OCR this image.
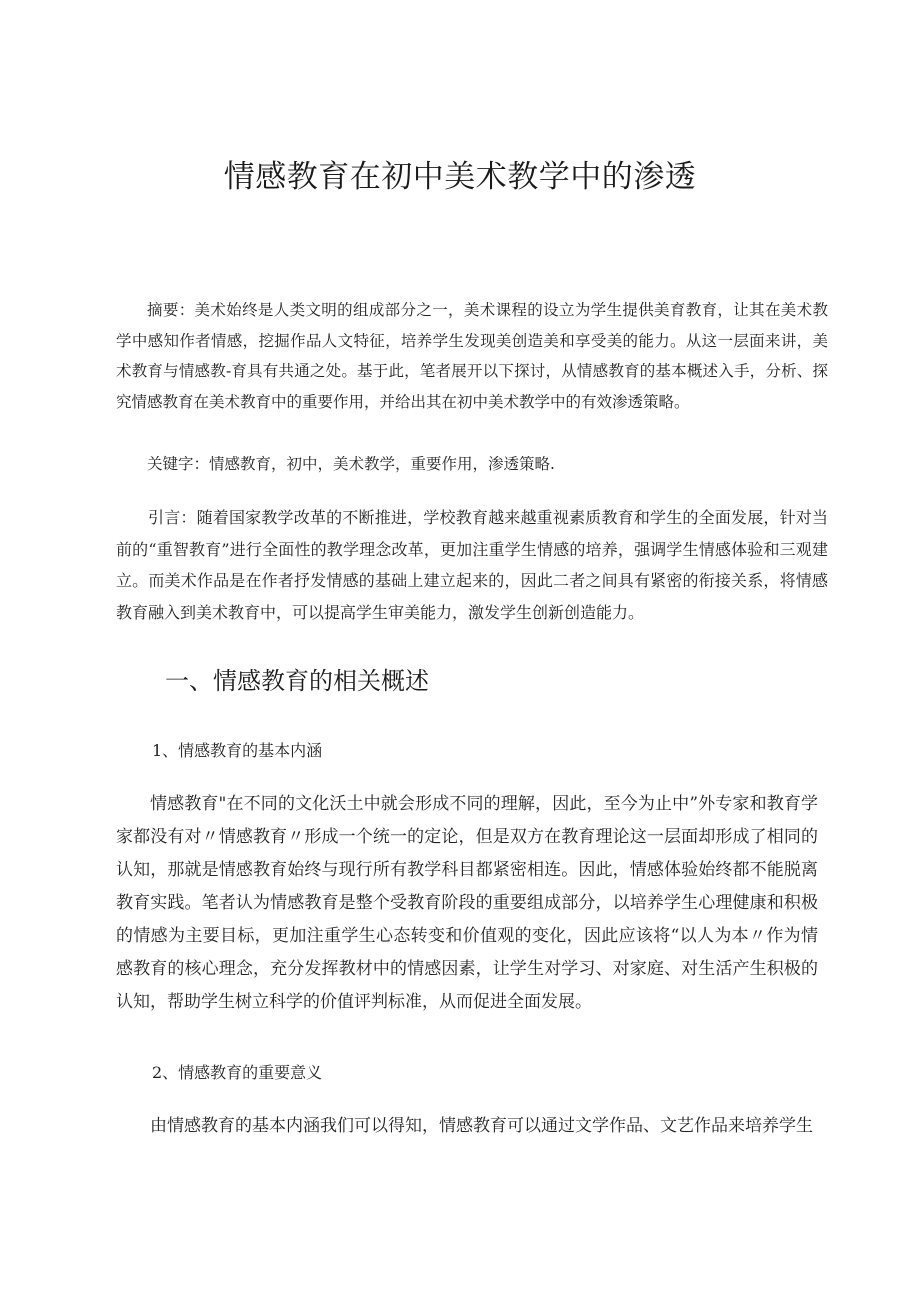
情感教育在初中美术教学中的渗透

摘要：美术始终是人类文明的组成部分之一，美术课程的设立为学生提供美育教育，让其在美术教学中感知作者情感，挖掘作品人文特征，培养学生发现美创造美和享受美的能力。从这一层面来讲，美术教育与情感教-育具有共通之处。基于此，笔者展开以下探讨，从情感教育的基本概述入手，分析、探究情感教育在美术教育中的重要作用，并给出其在初中美术教学中的有效渗透策略。

关键字：情感教育，初中，美术教学，重要作用，渗透策略.

引言：随着国家教学改革的不断推进，学校教育越来越重视素质教育和学生的全面发展，针对当前的“重智教育”进行全面性的教学理念改革，更加注重学生情感的培养，强调学生情感体验和三观建立。而美术作品是在作者抒发情感的基础上建立起来的，因此二者之间具有紧密的衔接关系，将情感教育融入到美术教育中，可以提高学生审美能力，激发学生创新创造能力。

一、情感教育的相关概述
1、情感教育的基本内涵

情感教育"在不同的文化沃土中就会形成不同的理解，因此，至今为止中”外专家和教育学家都没有对〃情感教育〃形成一个统一的定论，但是双方在教育理论这一层面却形成了相同的认知，那就是情感教育始终与现行所有教学科目都紧密相连。因此，情感体验始终都不能脱离教育实践。笔者认为情感教育是整个受教育阶段的重要组成部分，以培养学生心理健康和积极的情感为主要目标，更加注重学生心态转变和价值观的变化，因此应该将“以人为本〃作为情感教育的核心理念，充分发挥教材中的情感因素，让学生对学习、对家庭、对生活产生积极的认知，帮助学生树立科学的价值评判标准，从而促进全面发展。

2、情感教育的重要意义

由情感教育的基本内涵我们可以得知，情感教育可以通过文学作品、文艺作品来培养学生
